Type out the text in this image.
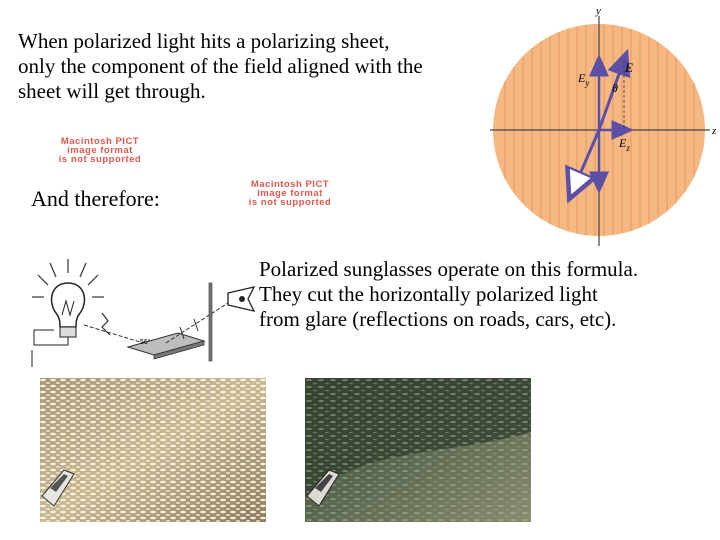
When polarized light hits a polarizing sheet,
only the component of the field aligned with the
sheet will get through.
Macintosh PICT
image format
is not supported
And therefore:
Macintosh PICT
image format
is not supported
y
z
E
$E_y$ θ
$E_z$
56°
Polarized sunglasses operate on this formula.
They cut the horizontally polarized light
from glare (reflections on roads, cars, etc).
